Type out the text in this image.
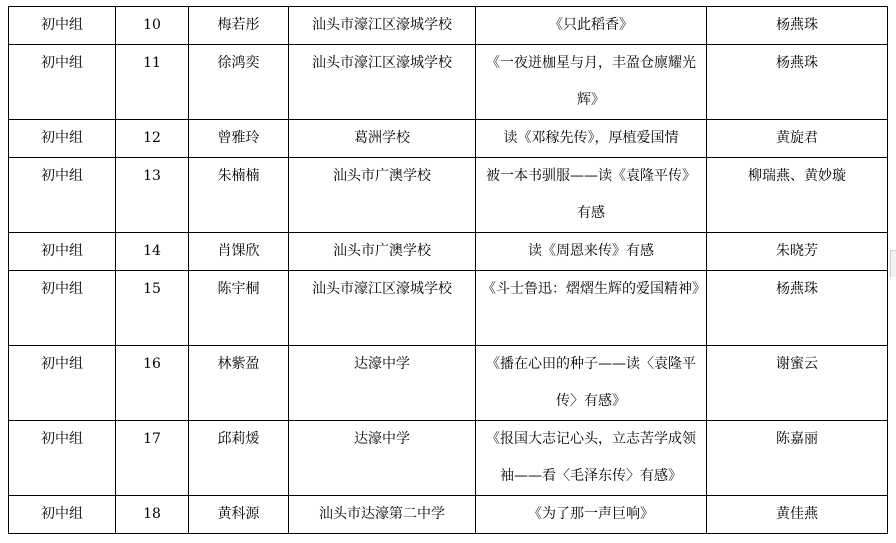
初中组	10	梅若彤	汕头市濠江区濠城学校	《只此稻香》	杨燕珠
初中组	11	徐鸿奕	汕头市濠江区濠城学校	《一夜迸枷星与月，丰盈仓廪耀光辉》	杨燕珠
初中组	12	曾雅玲	葛洲学校	读《邓稼先传》，厚植爱国情	黄旋君
初中组	13	朱楠楠	汕头市广澳学校	被一本书驯服——读《袁隆平传》有感	柳瑞燕、黄妙璇
初中组	14	肖馃欣	汕头市广澳学校	读《周恩来传》有感	朱晓芳
初中组	15	陈宇桐	汕头市濠江区濠城学校	《斗士鲁迅：熠熠生辉的爱国精神》	杨燕珠
初中组	16	林紫盈	达濠中学	《播在心田的种子——读〈袁隆平传〉有感》	谢蜜云
初中组	17	邱莉煖	达濠中学	《报国大志记心头，立志苦学成领袖——看〈毛泽东传〉有感》	陈嘉丽
初中组	18	黄科源	汕头市达濠第二中学	《为了那一声巨响》	黄佳燕
